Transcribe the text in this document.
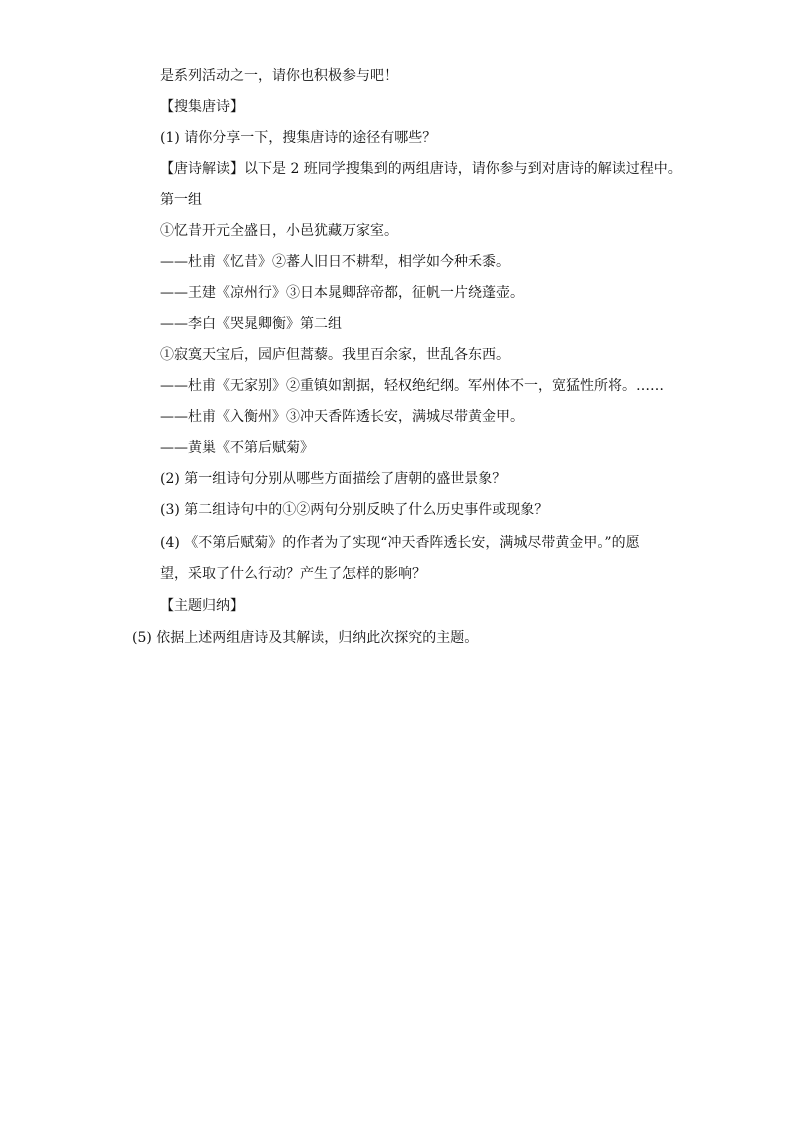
是系列活动之一，请你也积极参与吧！
【搜集唐诗】
(1) 请你分享一下，搜集唐诗的途径有哪些？
【唐诗解读】以下是 2 班同学搜集到的两组唐诗，请你参与到对唐诗的解读过程中。
第一组
①忆昔开元全盛日，小邑犹藏万家室。
——杜甫《忆昔》②蕃人旧日不耕犁，相学如今种禾黍。
——王建《凉州行》③日本晁卿辞帝都，征帆一片绕蓬壶。
——李白《哭晁卿衡》第二组
①寂寞天宝后，园庐但蒿藜。我里百余家，世乱各东西。
——杜甫《无家别》②重镇如割据，轻权绝纪纲。军州体不一，宽猛性所将。……
——杜甫《入衡州》③冲天香阵透长安，满城尽带黄金甲。
——黄巢《不第后赋菊》
(2) 第一组诗句分别从哪些方面描绘了唐朝的盛世景象？
(3) 第二组诗句中的①②两句分别反映了什么历史事件或现象？
(4) 《不第后赋菊》的作者为了实现“冲天香阵透长安，满城尽带黄金甲。”的愿
望，采取了什么行动？产生了怎样的影响？
【主题归纳】
(5) 依据上述两组唐诗及其解读，归纳此次探究的主题。
